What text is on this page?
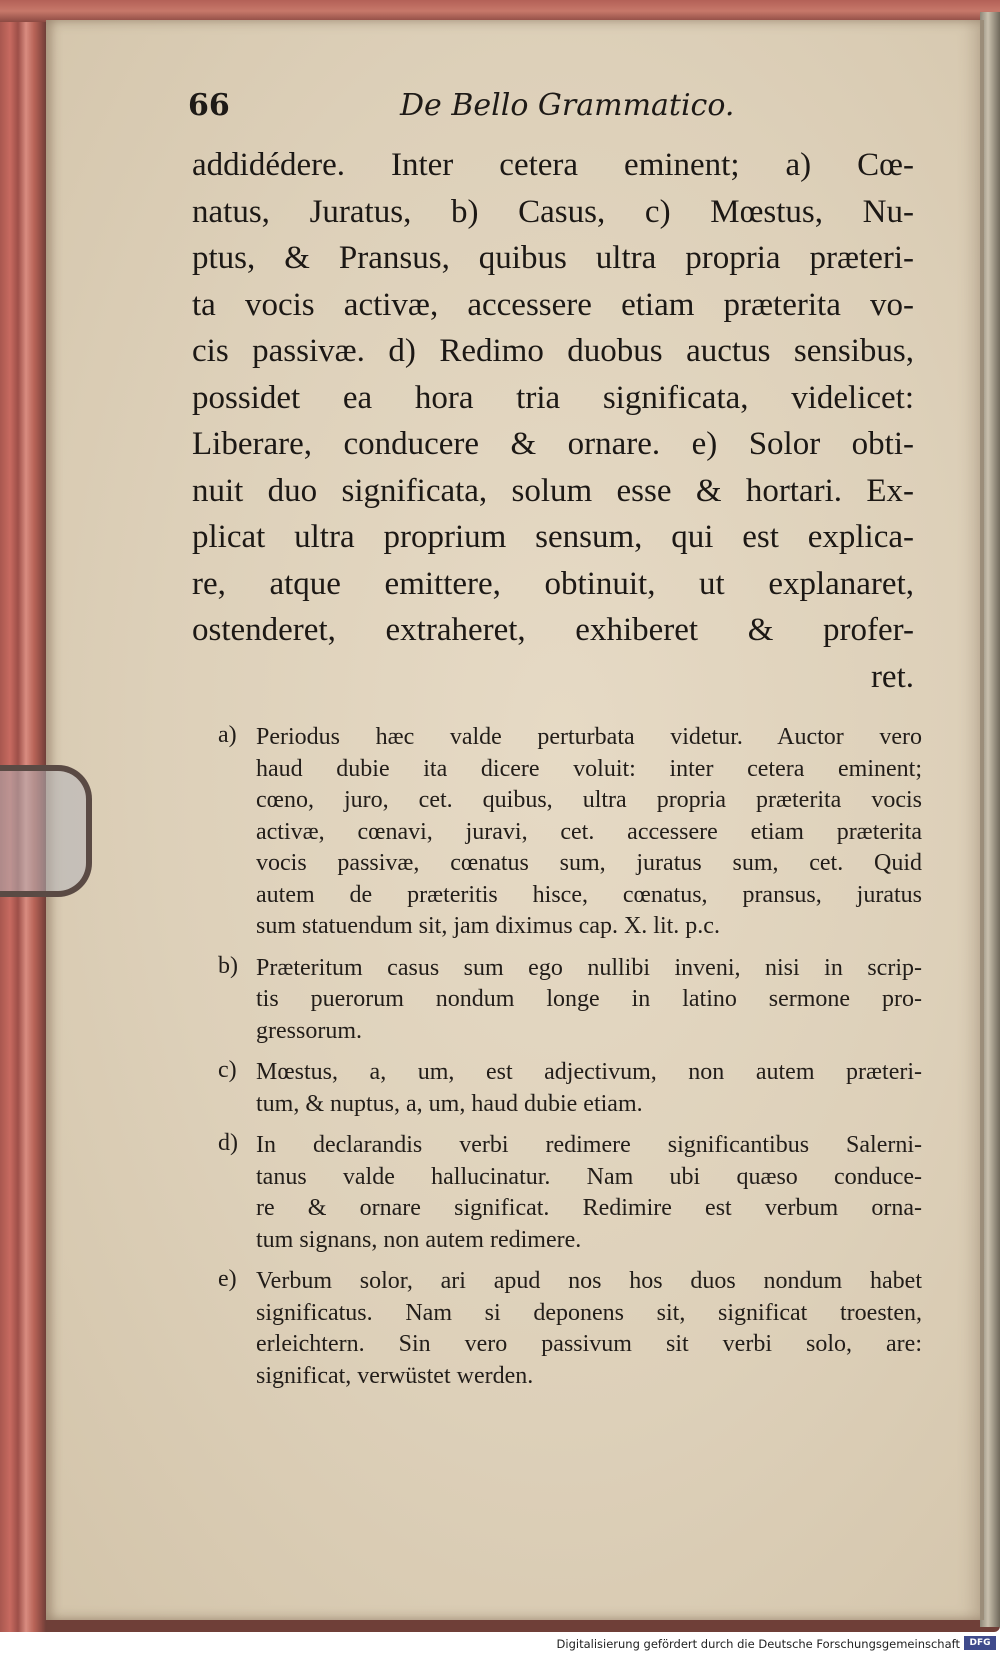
66	De Bello Grammatico.
addidédere. Inter cetera eminent; a) Cœ-
natus, Juratus, b) Casus, c) Mœstus, Nu-
ptus, & Pransus, quibus ultra propria præteri-
ta vocis activæ, accessere etiam præterita vo-
cis passivæ. d) Redimo duobus auctus sensibus,
possidet ea hora tria significata, videlicet:
Liberare, conducere & ornare. e) Solor obti-
nuit duo significata, solum esse & hortari. Ex-
plicat ultra proprium sensum, qui est explica-
re, atque emittere, obtinuit, ut explanaret,
ostenderet, extraheret, exhiberet & profer-
ret.
a) Periodus hæc valde perturbata videtur. Auctor vero
haud dubie ita dicere voluit: inter cetera eminent;
cœno, juro, cet. quibus, ultra propria præterita vocis
activæ, cœnavi, juravi, cet. accessere etiam præterita
vocis passivæ, cœnatus sum, juratus sum, cet. Quid
autem de præteritis hisce, cœnatus, pransus, juratus
sum statuendum sit, jam diximus cap. X. lit. p.c.
b) Præteritum casus sum ego nullibi inveni, nisi in scrip-
tis puerorum nondum longe in latino sermone pro-
gressorum.
c) Mœstus, a, um, est adjectivum, non autem præteri-
tum, & nuptus, a, um, haud dubie etiam.
d) In declarandis verbi redimere significantibus Salerni-
tanus valde hallucinatur. Nam ubi quæso conduce-
re & ornare significat. Redimire est verbum orna-
tum signans, non autem redimere.
e) Verbum solor, ari apud nos hos duos nondum habet
significatus. Nam si deponens sit, significat troesten,
erleichtern. Sin vero passivum sit verbi solo, are:
significat, verwüstet werden.
Digitalisierung gefördert durch die Deutsche Forschungsgemeinschaft	DFG
